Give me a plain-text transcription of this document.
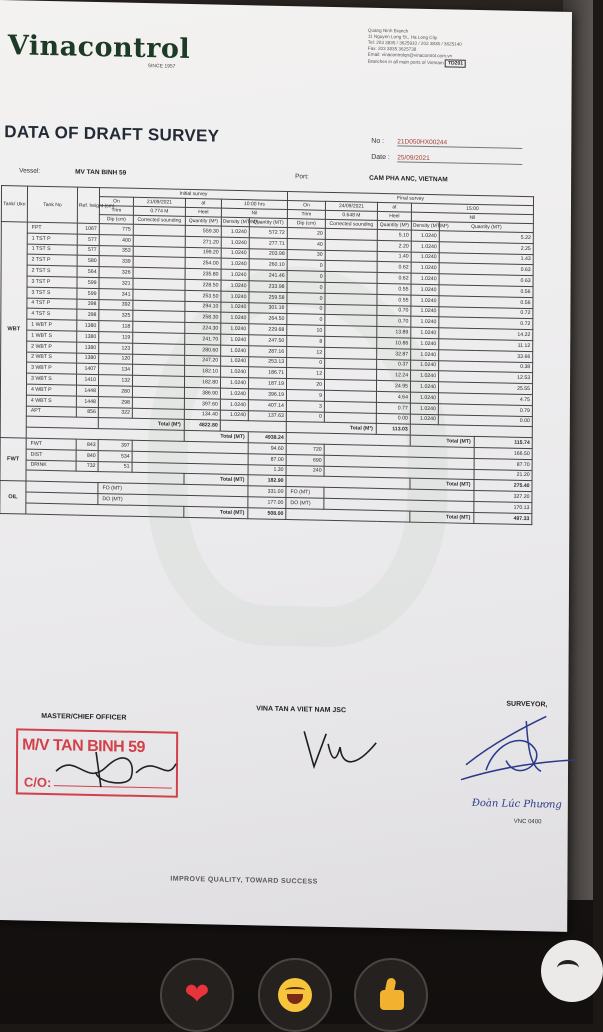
Vinacontrol
SINCE 1957
Quang Ninh Branch
11 Nguyen Long St., Ha Long City
Tel: 203 3835 / 3625910 / 203 3835 / 3625140
Fax: 203 3835 3625738
Email: vinacontrolqn@vinacontrol.com.vn
Branches in all main ports of Vietnam TD201
DATA OF DRAFT SURVEY	No : 21D050HX00244
Date : 25/09/2021
Vessel:	MV TAN BINH 59
Port:	CAM PHA ANC, VIETNAM
Tank/ Ukn	Tank No	Ref. height (cm)	Initial survey					Final survey					
			On	21/09/2021	at	10:00 hrs		On	24/09/2021	at	15:00		
			Trim	0.774 M	Heel	Nil		Trim	0.648 M	Heel	Nil		
			Dip (cm)	Corrected sounding	Quantity (M³)	Density (MT/M³)	Quantity (MT)	Dip (cm)	Corrected sounding	Quantity (M³)	Density (MT/M³)	Quantity (MT)	
WBT	FPT	1067	775		559.30	1.0240	572.72	20		5.10	1.0240	5.22	
	1 TST P	577	400		271.20	1.0240	277.71	40		2.20	1.0240	2.25	
	1 TST S	577	353		199.20	1.0240	203.98	30		1.40	1.0240	1.43	
	2 TST P	580	339		254.00	1.0240	260.10	0		0.62	1.0240	0.63	
	2 TST S	564	326		235.80	1.0240	241.46	0		0.62	1.0240	0.63	
	3 TST P	599	321		228.50	1.0240	233.98	0		0.55	1.0240	0.56	
	3 TST S	599	341		253.50	1.0240	259.58	0		0.55	1.0240	0.56	
	4 TST P	398	392		294.10	1.0240	301.16	0		0.70	1.0240	0.72	
	4 TST S	398	325		258.30	1.0240	264.50	0		0.70	1.0240	0.72	
	1 WBT P	1380	118		224.30	1.0240	229.68	10		13.89	1.0240	14.22	
	1 WBT S	1380	119		241.70	1.0240	247.50	8		10.86	1.0240	11.12	
	2 WBT P	1380	123		280.60	1.0240	287.16	12		32.87	1.0240	33.66	
	2 WBT S	1380	120		247.20	1.0240	253.13	0		0.37	1.0240	0.38	
	3 WBT P	1407	134		182.10	1.0240	186.71	12		12.24	1.0240	12.53	
	3 WBT S	1410	132		182.80	1.0240	187.19	20		24.95	1.0240	25.55	
	4 WBT P	1448	280		386.90	1.0240	396.19	9		4.64	1.0240	4.75	
	4 WBT S	1448	298		397.60	1.0240	407.14	3		0.77	1.0240	0.79	
	APT	856	322		134.40	1.0240	137.63	0		0.00	1.0240	0.00	
			Total (M³)		4822.80			Total (M³)		113.03			
					Total (MT)		4938.24				Total (MT)		115.74
FWT	FWT	843	397				94.60	720					166.50
	DIST	840	534				87.00	690					87.70
	DRINK	732	51				1.30	240					21.20
					Total (MT)		182.90				Total (MT)		275.40
OIL			FO (MT)				331.00	FO (MT)					327.20
			DO (MT)				177.00	DO (MT)					170.13
					Total (MT)		508.00				Total (MT)		497.33
MASTER/CHIEF OFFICER
VINA TAN A VIET NAM JSC
SURVEYOR,
M/V TAN BINH 59
C/O:
Đoàn Lúc Phương
VNC 0400
IMPROVE QUALITY, TOWARD SUCCESS
❤
